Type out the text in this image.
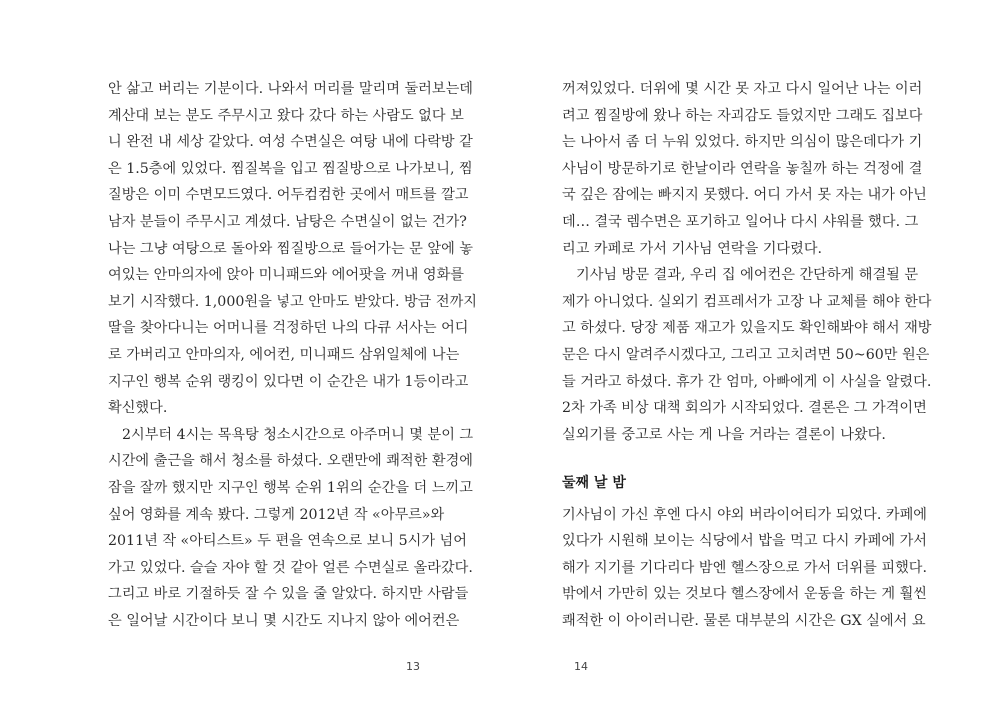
안 삶고 버리는 기분이다. 나와서 머리를 말리며 둘러보는데
계산대 보는 분도 주무시고 왔다 갔다 하는 사람도 없다 보
니 완전 내 세상 같았다. 여성 수면실은 여탕 내에 다락방 같
은 1.5층에 있었다. 찜질복을 입고 찜질방으로 나가보니, 찜
질방은 이미 수면모드였다. 어두컴컴한 곳에서 매트를 깔고
남자 분들이 주무시고 계셨다. 남탕은 수면실이 없는 건가?
나는 그냥 여탕으로 돌아와 찜질방으로 들어가는 문 앞에 놓
여있는 안마의자에 앉아 미니패드와 에어팟을 꺼내 영화를
보기 시작했다. 1,000원을 넣고 안마도 받았다. 방금 전까지
딸을 찾아다니는 어머니를 걱정하던 나의 다큐 서사는 어디
로 가버리고 안마의자, 에어컨, 미니패드 삼위일체에 나는
지구인 행복 순위 랭킹이 있다면 이 순간은 내가 1등이라고
확신했다.
2시부터 4시는 목욕탕 청소시간으로 아주머니 몇 분이 그
시간에 출근을 해서 청소를 하셨다. 오랜만에 쾌적한 환경에
잠을 잘까 했지만 지구인 행복 순위 1위의 순간을 더 느끼고
싶어 영화를 계속 봤다. 그렇게 2012년 작 «아무르»와
2011년 작 «아티스트» 두 편을 연속으로 보니 5시가 넘어
가고 있었다. 슬슬 자야 할 것 같아 얼른 수면실로 올라갔다.
그리고 바로 기절하듯 잘 수 있을 줄 알았다. 하지만 사람들
은 일어날 시간이다 보니 몇 시간도 지나지 않아 에어컨은
13
꺼져있었다. 더위에 몇 시간 못 자고 다시 일어난 나는 이러
려고 찜질방에 왔나 하는 자괴감도 들었지만 그래도 집보다
는 나아서 좀 더 누워 있었다. 하지만 의심이 많은데다가 기
사님이 방문하기로 한날이라 연락을 놓칠까 하는 걱정에 결
국 깊은 잠에는 빠지지 못했다. 어디 가서 못 자는 내가 아닌
데… 결국 렘수면은 포기하고 일어나 다시 샤워를 했다. 그
리고 카페로 가서 기사님 연락을 기다렸다.
기사님 방문 결과, 우리 집 에어컨은 간단하게 해결될 문
제가 아니었다. 실외기 컴프레서가 고장 나 교체를 해야 한다
고 하셨다. 당장 제품 재고가 있을지도 확인해봐야 해서 재방
문은 다시 알려주시겠다고, 그리고 고치려면 50~60만 원은
들 거라고 하셨다. 휴가 간 엄마, 아빠에게 이 사실을 알렸다.
2차 가족 비상 대책 회의가 시작되었다. 결론은 그 가격이면
실외기를 중고로 사는 게 나을 거라는 결론이 나왔다.
둘째 날 밤
기사님이 가신 후엔 다시 야외 버라이어티가 되었다. 카페에
있다가 시원해 보이는 식당에서 밥을 먹고 다시 카페에 가서
해가 지기를 기다리다 밤엔 헬스장으로 가서 더위를 피했다.
밖에서 가만히 있는 것보다 헬스장에서 운동을 하는 게 훨씬
쾌적한 이 아이러니란. 물론 대부분의 시간은 GX 실에서 요
14
